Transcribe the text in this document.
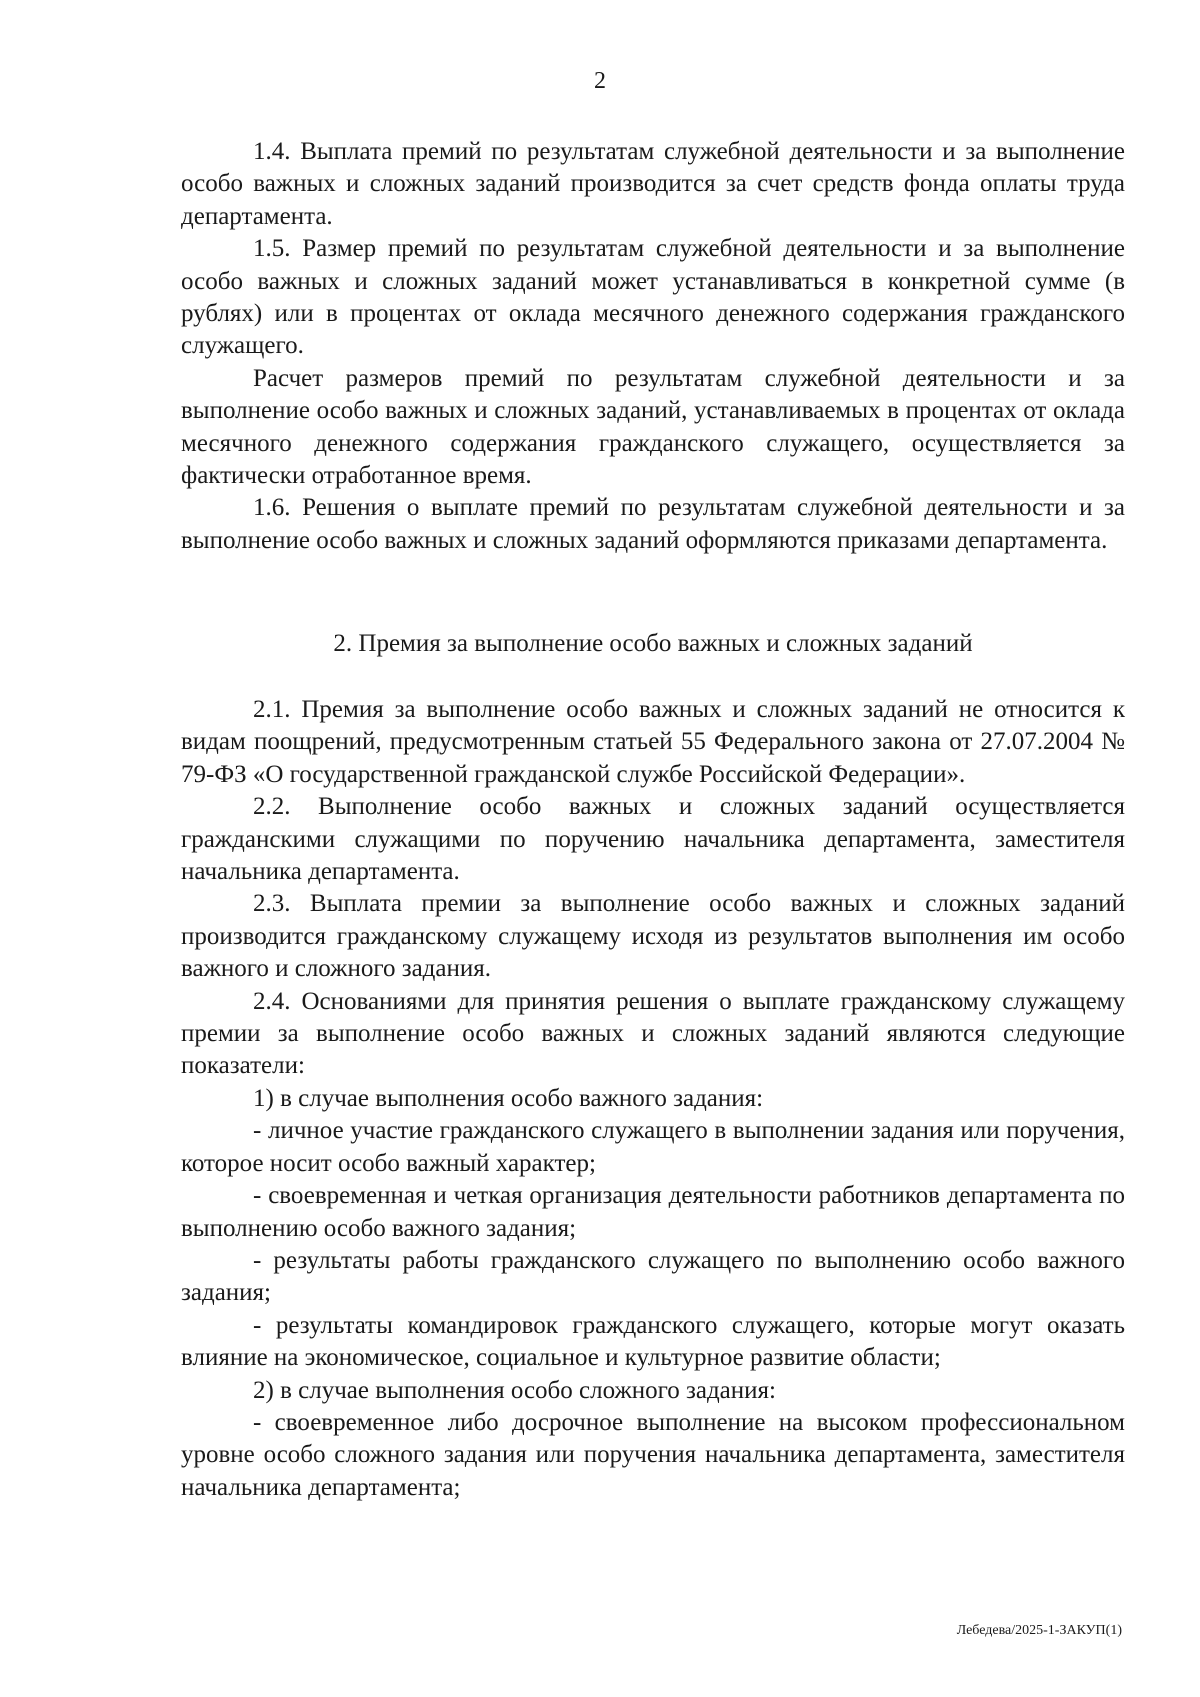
2

1.4. Выплата премий по результатам служебной деятельности и за выполнение особо важных и сложных заданий производится за счет средств фонда оплаты труда департамента.

1.5. Размер премий по результатам служебной деятельности и за выполнение особо важных и сложных заданий может устанавливаться в конкретной сумме (в рублях) или в процентах от оклада месячного денежного содержания гражданского служащего.

Расчет размеров премий по результатам служебной деятельности и за выполнение особо важных и сложных заданий, устанавливаемых в процентах от оклада месячного денежного содержания гражданского служащего, осуществляется за фактически отработанное время.

1.6. Решения о выплате премий по результатам служебной деятельности и за выполнение особо важных и сложных заданий оформляются приказами департамента.

2. Премия за выполнение особо важных и сложных заданий

2.1. Премия за выполнение особо важных и сложных заданий не относится к видам поощрений, предусмотренным статьей 55 Федерального закона от 27.07.2004 № 79-ФЗ «О государственной гражданской службе Российской Федерации».

2.2. Выполнение особо важных и сложных заданий осуществляется гражданскими служащими по поручению начальника департамента, заместителя начальника департамента.

2.3. Выплата премии за выполнение особо важных и сложных заданий производится гражданскому служащему исходя из результатов выполнения им особо важного и сложного задания.

2.4. Основаниями для принятия решения о выплате гражданскому служащему премии за выполнение особо важных и сложных заданий являются следующие показатели:

1) в случае выполнения особо важного задания:

- личное участие гражданского служащего в выполнении задания или поручения, которое носит особо важный характер;

- своевременная и четкая организация деятельности работников департамента по выполнению особо важного задания;

- результаты работы гражданского служащего по выполнению особо важного задания;

- результаты командировок гражданского служащего, которые могут оказать влияние на экономическое, социальное и культурное развитие области;

2) в случае выполнения особо сложного задания:

- своевременное либо досрочное выполнение на высоком профессиональном уровне особо сложного задания или поручения начальника департамента, заместителя начальника департамента;

Лебедева/2025-1-ЗАКУП(1)
